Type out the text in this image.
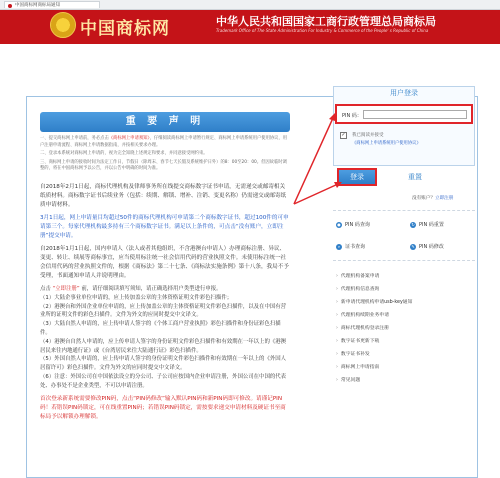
中国商标网商标局通知
中国商标网	中华人民共和国国家工商行政管理总局商标局
Trademark Office of The State Administration For Industry & Commerce of the People' s Republic of China
重 要 声 明

一、提交商标网上申请前，务必点击《商标网上申请须知》，仔细阅读商标网上申请暂行规定、商标网上申请系统用户使用协议、用户注册申请流程、商标网上申请数据指南，并按相关要求办理。

二、登录本系统对商标网上申请的，视为完全知晓上述规定和要求，并同意接受网约束。

三、商标网上申请的接收时间为法定工作日，节假日（除周末、春节七天长假及系统维护日外）的8：00至20：00。但因故临时调整的，将在中国商标网予以公告，并以公告中明确的时间为准。

自2018年2月1日起，商标代理机构及律师事务所在线提交商标数字证书申请，无需递交或邮寄相关纸质材料。商标数字证书后续业务（包括：续期、解锁、增补、注销、变更名称）仍需递交或邮寄纸质申请材料。

3月1日起，网上申请量目均超过50件的商标代理机构可申请第二个商标数字证书，超过100件的可申请第三个。每家代理机构最多持有三个商标数字证书。满足以上条件的，可点击“没有账户，立即注册”提交申请。

自2018年1月1日起，国内申请人（法人或者其他组织，不含港澳台申请人）办理商标注册、异议、变更、转让、续展等商标事宜，应当使用标注统一社会信用代码的营业执照文件。未使用标注统一社会信用代码的营业执照文件的，根据《商标法》第二十七条、《商标法实施条例》第十八条，我局不予受理，书面通知申请人并说明理由。

点击 “立即注册” 前，请仔细阅读填写须知，请正确选择用户类型进行申报。

（1）大陆企事业单位申请的，应上传加盖公章的主体资格证明文件彩色扫描件；

（2）港澳台和外国企业单位申请的，应上传加盖公章的主体资格证明文件彩色扫描件，以及在中国有营业所的证明文件的彩色扫描件。文件为外文的应同时提交中文译文。

（3）大陆自然人申请的，应上传申请人签字的《个体工商户营业执照》彩色扫描件和身份证彩色扫描件。

（4）港澳台自然人申请的，应上传申请人签字的身份证明文件彩色扫描件和有效期在一年以上的《港澳居民来往内地通行证》或《台湾居民来往大陆通行证》彩色扫描件。

（5）外国自然人申请的，应上传申请人签字的身份证明文件彩色扫描件和有效期在一年以上的《外国人居留许可》彩色扫描件。文件为外文的应同时提交中文译文。

（6）注意：外国公司在中国依法设立的分公司、子公司应按国内企业申请注册，外国公司在中国的代表处、办事处不是企业类型，不可以申请注册。

首次登录新系统需要修改PIN码，点击“PIN码修改”输入默认PIN码和新PIN码即可修改。请谨记PIN码！若错误PIN码锁定，可在线重置PIN码；若错误PIN码锁定，需按要求递交申请材料及硬证书至商标局予以解锁办理解锁。

用户登录
PIN 码：
✓	我已阅读并接受
《商标网上申请系统用户使用协议》
登录	重置
没有账户？立即注册
● PIN 码查询	↻ PIN 码重置
⌕ 证书查询	✎ PIN 码修改
› 代理机构备案申请
› 代理机构信息查询
› 新申请代理机构申请usb-key通知
› 代理机构续期业务申请
› 商标代理机构登录注册
› 数字证书更新下载
› 数字证书补发
› 商标网上申请指南
› 常见问题
